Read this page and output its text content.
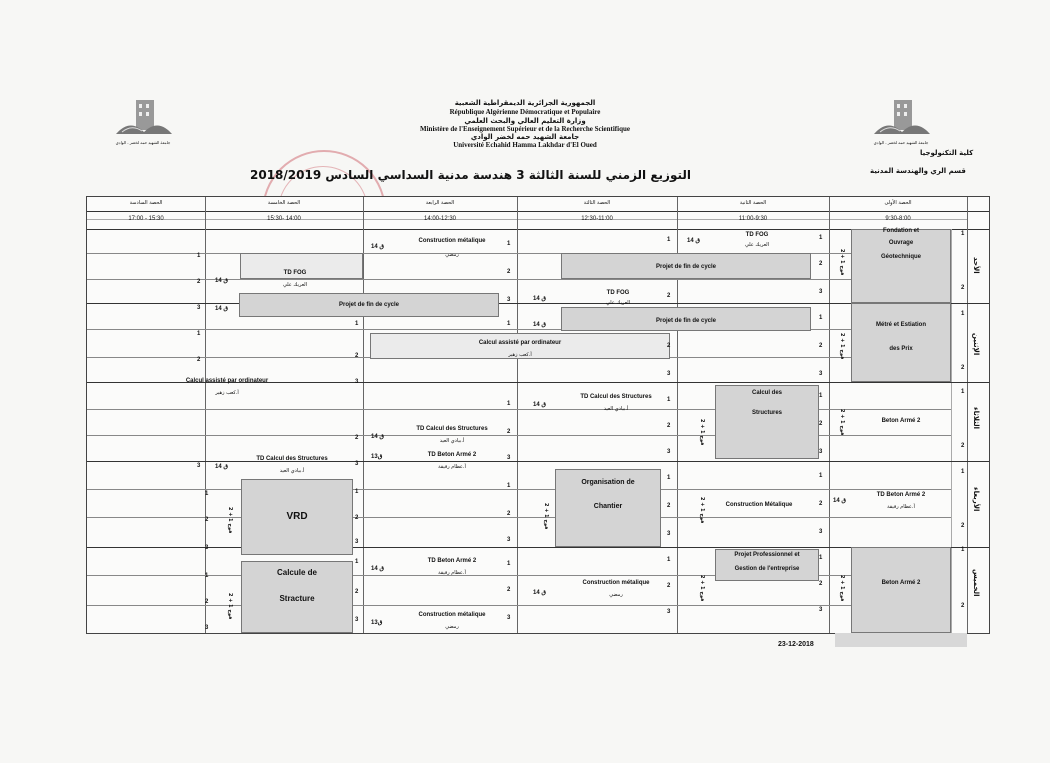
الجمهورية الجزائرية الديمقراطية الشعبية
République Algérienne Démocratique et Populaire
وزارة التعليم العالي والبحث العلمي
Ministère de l'Enseignement Supérieur et de la Recherche Scientifique
جامعة الشهيد حمه لخضر الوادي
Université Echahid Hamma Lakhdar d'El Oued
جامعة الشهيد حمه لخضر - الوادي	جامعة الشهيد حمه لخضر - الوادي
كلية التكنولوجيا
قسم الري والهندسة المدنية
التوزيع الزمني للسنة الثالثة 3 هندسة مدنية السداسي السادس 2018/2019
الحصة الأولى
9:30-8:00
الحصة الثانية
11:00-9:30
الحصة الثالثة
12:30-11:00
الحصة الرابعة
14:00-12:30
الحصة الخامسة
15:30- 14:00
الحصة السادسة
17:00 - 15:30
الأحد
الإثنين
الثلاثاء
الأربعاء
الخميس
Fondation et
Ouvrage
Géotechnique
فوج 1 + 2
1
2
1
2
3
TD FOG
العريك علي
ق 14
1
Projet de fin de cycle
2
1
Construction métalique
رمضي
ق 14
TD FOG
العريك علي
ق 14
1
2
TD FOG
العريك علي
ق 14	2
3
Projet de fin de cycle
ق 14
3
Métré et Estiation
des Prix
فوج 1 + 2
1
2
1
2
3
Projet de fin de cycle
ق 14
1
Calcul assisté par ordinateur
أ.كعب زهير
2
3
1
2
3
1
2
Calcul assisté par ordinateur
أ.كعب زهير
Beton Armé 2
1
2
1
2
3
فوج 1 + 2
Calcul des
Structures
فوج 1 + 2
1
2
3
TD Calcul des Structures
أ.بيادي العيد
ق 14
1
2
3
TD Calcul des Structures
أ.بيادي العيد
ق 14
2
TD Beton Armé 2
أ.عظام رفيقة
13ق
3
TD Calcul des Structures
أ.بيادي العيد
ق 14
3
TD Beton Armé 2
أ.عظام رفيقة
ق 14
1
2
1
2
3
Construction Métalique
فوج 1 + 2
1
2
3
Organisation de
Chantier
فوج 1 + 2
1
2
3
1
2
3
VRD
فوج 1 + 2
1
2
3
Beton Armé 2
فوج 1 + 2
1
2
1
2
3
Projet Professionnel et
Gestion de l'entreprise
فوج 1 + 2
1
2
3
Construction métalique
رمضي
ق 14
1
2
3
TD Beton Armé 2
أ.عظام رفيقة
ق 14
1
2
Construction métalique
رمضي
13ق
3
Calcule de
Stracture
فوج 1 + 2
1
2
3
23-12-2018
